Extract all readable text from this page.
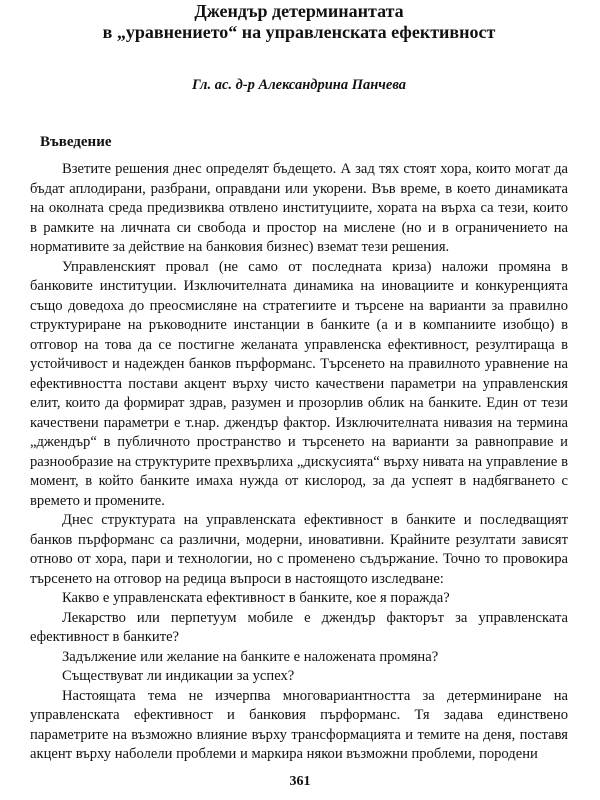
Джендър детерминантата
в „уравнението“ на управленската ефективност
Гл. ас. д-р Александрина Панчева
Въведение

Взетите решения днес определят бъдещето. А зад тях стоят хора, които могат да бъдат аплодирани, разбрани, оправдани или укорени. Във време, в което динамиката на околната среда предизвиква отвлено институциите, хората на върха са тези, които в рамките на личната си свобода и простор на мислене (но и в ограничението на нормативите за действие на банковия бизнес) вземат тези решения.

Управленският провал (не само от последната криза) наложи промяна в банковите институции. Изключителната динамика на иновациите и конкуренцията също доведоха до преосмисляне на стратегиите и търсене на варианти за правилно структуриране на ръководните инстанции в банките (а и в компаниите изобщо) в отговор на това да се постигне желаната управленска ефективност, резултираща в устойчивост и надежден банков пърформанс. Търсенето на правилното уравнение на ефективността постави акцент върху чисто качествени параметри на управленския елит, които да формират здрав, разумен и прозорлив облик на банките. Един от тези качествени параметри е т.нар. джендър фактор. Изключителната нивазия на термина „джендър“ в публичното пространство и търсенето на варианти за равноправие и разнообразие на структурите прехвърлиха „дискусията“ върху нивата на управление в момент, в който банките имаха нужда от кислород, за да успеят в надбягването с времето и промените.

Днес структурата на управленската ефективност в банките и последващият банков пърформанс са различни, модерни, иновативни. Крайните резултати зависят отново от хора, пари и технологии, но с променено съдържание. Точно то провокира търсенето на отговор на редица въпроси в настоящото изследване:

Какво е управленската ефективност в банките, кое я поражда?

Лекарство или перпетуум мобиле е джендър факторът за управленската ефективност в банките?

Задължение или желание на банките е наложената промяна?

Съществуват ли индикации за успех?

Настоящата тема не изчерпва многовариантността за детерминиране на управленската ефективност и банковия пърформанс. Тя задава единствено параметрите на възможно влияние върху трансформацията и темите на деня, поставя акцент върху наболели проблеми и маркира някои възможни проблеми, породени

361
